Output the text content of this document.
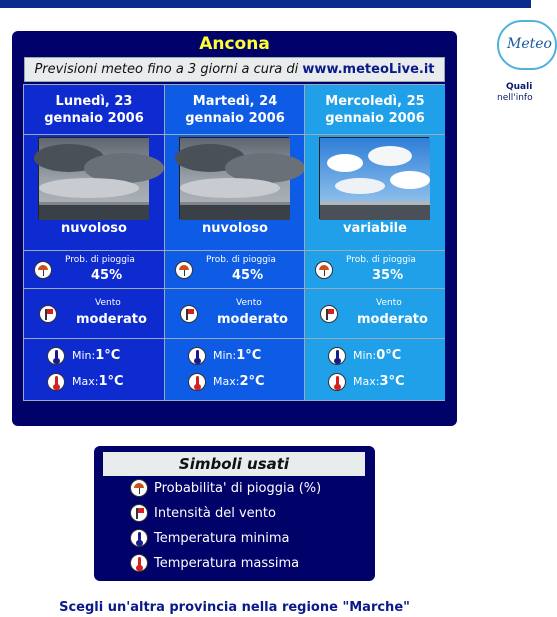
Meteo
Quali
nell'info
Ancona
Previsioni meteo fino a 3 giorni a cura di www.meteoLive.it
Lunedì, 23
gennaio 2006
nuvoloso
Prob. di pioggia
45%
Vento
moderato
Min:1°C
Max:1°C
Martedì, 24
gennaio 2006
nuvoloso
Prob. di pioggia
45%
Vento
moderato
Min:1°C
Max:2°C
Mercoledì, 25
gennaio 2006
variabile
Prob. di pioggia
35%
Vento
moderato
Min:0°C
Max:3°C
Simboli usati
Probabilita' di pioggia (%)
Intensità del vento
Temperatura minima
Temperatura massima
Scegli un'altra provincia nella regione "Marche"
